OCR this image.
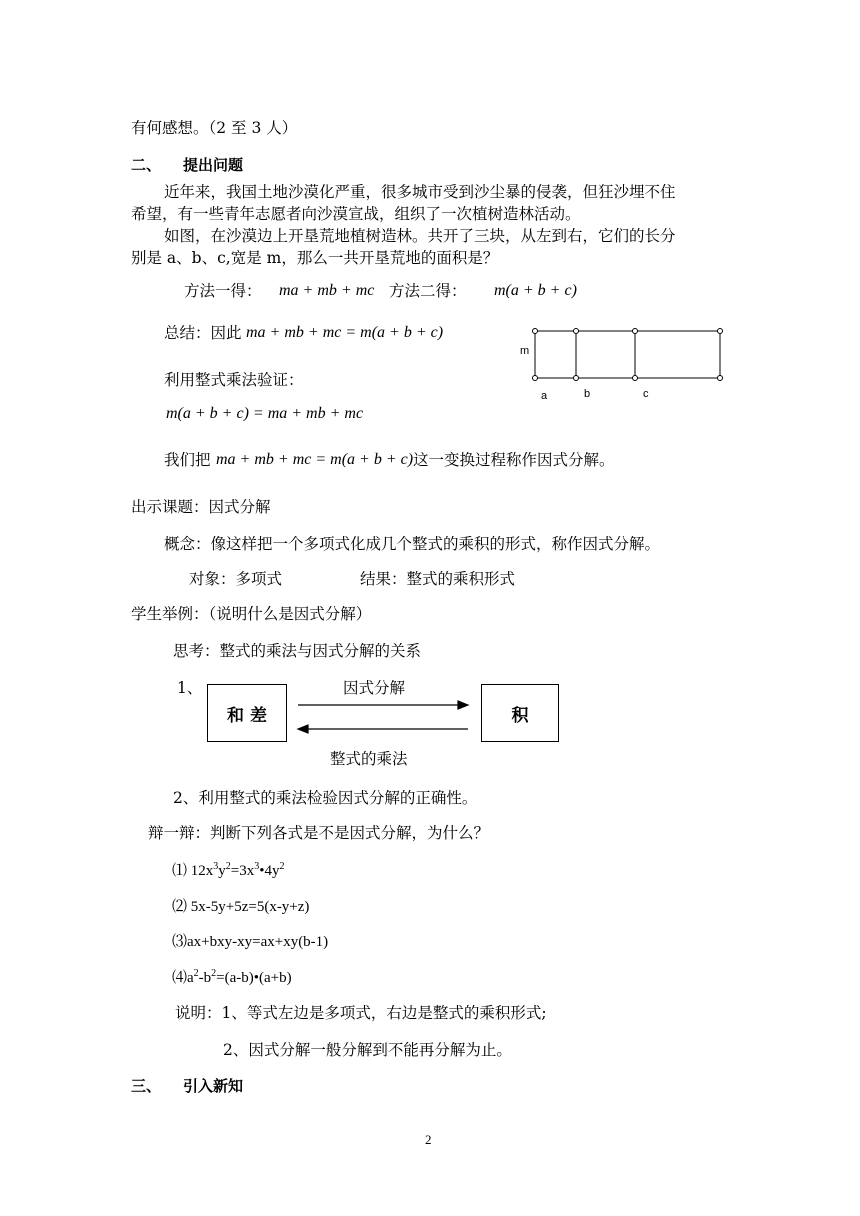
有何感想。（2 至 3 人）
二、 提出问题
近年来，我国土地沙漠化严重，很多城市受到沙尘暴的侵袭，但狂沙埋不住
希望，有一些青年志愿者向沙漠宣战，组织了一次植树造林活动。
如图，在沙漠边上开垦荒地植树造林。共开了三块，从左到右，它们的长分
别是 a、b、c,宽是 m，那么一共开垦荒地的面积是？
方法一得： ma + mb + mc 方法二得： m(a + b + c)
总结：因此 ma + mb + mc = m(a + b + c)
利用整式乘法验证：
m(a + b + c) = ma + mb + mc
我们把 ma + mb + mc = m(a + b + c) 这一变换过程称作因式分解。
m
a	b	c
出示课题：因式分解
概念：像这样把一个多项式化成几个整式的乘积的形式，称作因式分解。
对象：多项式	结果：整式的乘积形式
学生举例：（说明什么是因式分解）
思考：整式的乘法与因式分解的关系
1、
和 差	积
因式分解
整式的乘法
2、利用整式的乘法检验因式分解的正确性。
辩一辩：判断下列各式是不是因式分解，为什么？
⑴ $12x^3y^2=3x^3•4y^2$
⑵ 5x-5y+5z=5(x-y+z)
⑶ax+bxy-xy=ax+xy(b-1)
$⑷a^2-b^2=(a-b)•(a+b)$
说明：1、等式左边是多项式，右边是整式的乘积形式;
2、因式分解一般分解到不能再分解为止。
三、 引入新知
2
